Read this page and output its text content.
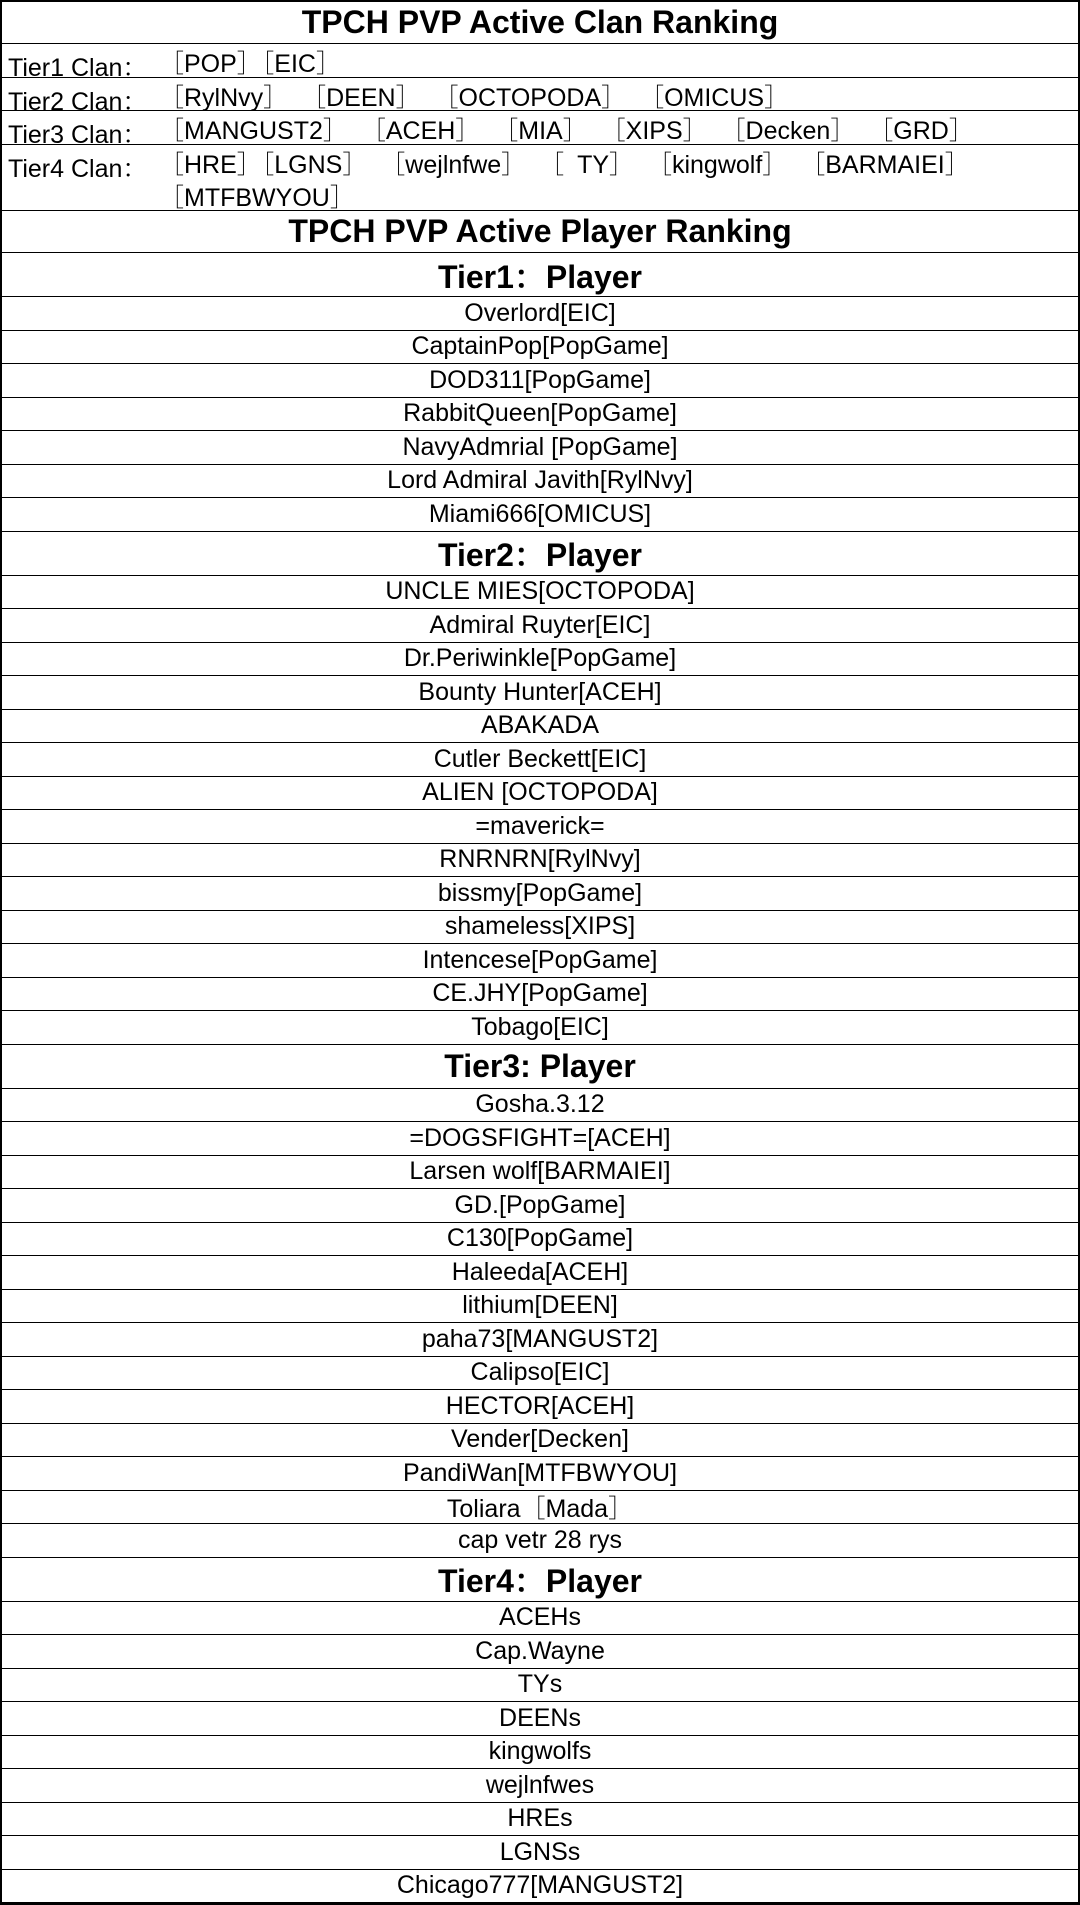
TPCH PVP Active Clan Ranking
Tier1 Clan： ［POP］［EIC］
Tier2 Clan： ［RylNvy］ ［DEEN］ ［OCTOPODA］ ［OMICUS］
Tier3 Clan： ［MANGUST2］ ［ACEH］ ［MIA］ ［XIPS］ ［Decken］ ［GRD］
Tier4 Clan： ［HRE］［LGNS］ ［wejlnfwe］ ［ TY］ ［kingwolf］ ［BARMAIEI］ ［MTFBWYOU］
TPCH PVP Active Player Ranking
Tier1：Player
Overlord[EIC]
CaptainPop[PopGame]
DOD311[PopGame]
RabbitQueen[PopGame]
NavyAdmrial [PopGame]
Lord Admiral Javith[RylNvy]
Miami666[OMICUS]
Tier2：Player
UNCLE MIES[OCTOPODA]
Admiral Ruyter[EIC]
Dr.Periwinkle[PopGame]
Bounty Hunter[ACEH]
ABAKADA
Cutler Beckett[EIC]
ALIEN [OCTOPODA]
=maverick=
RNRNRN[RylNvy]
bissmy[PopGame]
shameless[XIPS]
Intencese[PopGame]
CE.JHY[PopGame]
Tobago[EIC]
Tier3: Player
Gosha.3.12
=DOGSFIGHT=[ACEH]
Larsen wolf[BARMAIEI]
GD.[PopGame]
C130[PopGame]
Haleeda[ACEH]
lithium[DEEN]
paha73[MANGUST2]
Calipso[EIC]
HECTOR[ACEH]
Vender[Decken]
PandiWan[MTFBWYOU]
Toliara［Mada］
cap vetr 28 rys
Tier4：Player
ACEHs
Cap.Wayne
TYs
DEENs
kingwolfs
wejlnfwes
HREs
LGNSs
Chicago777[MANGUST2]
